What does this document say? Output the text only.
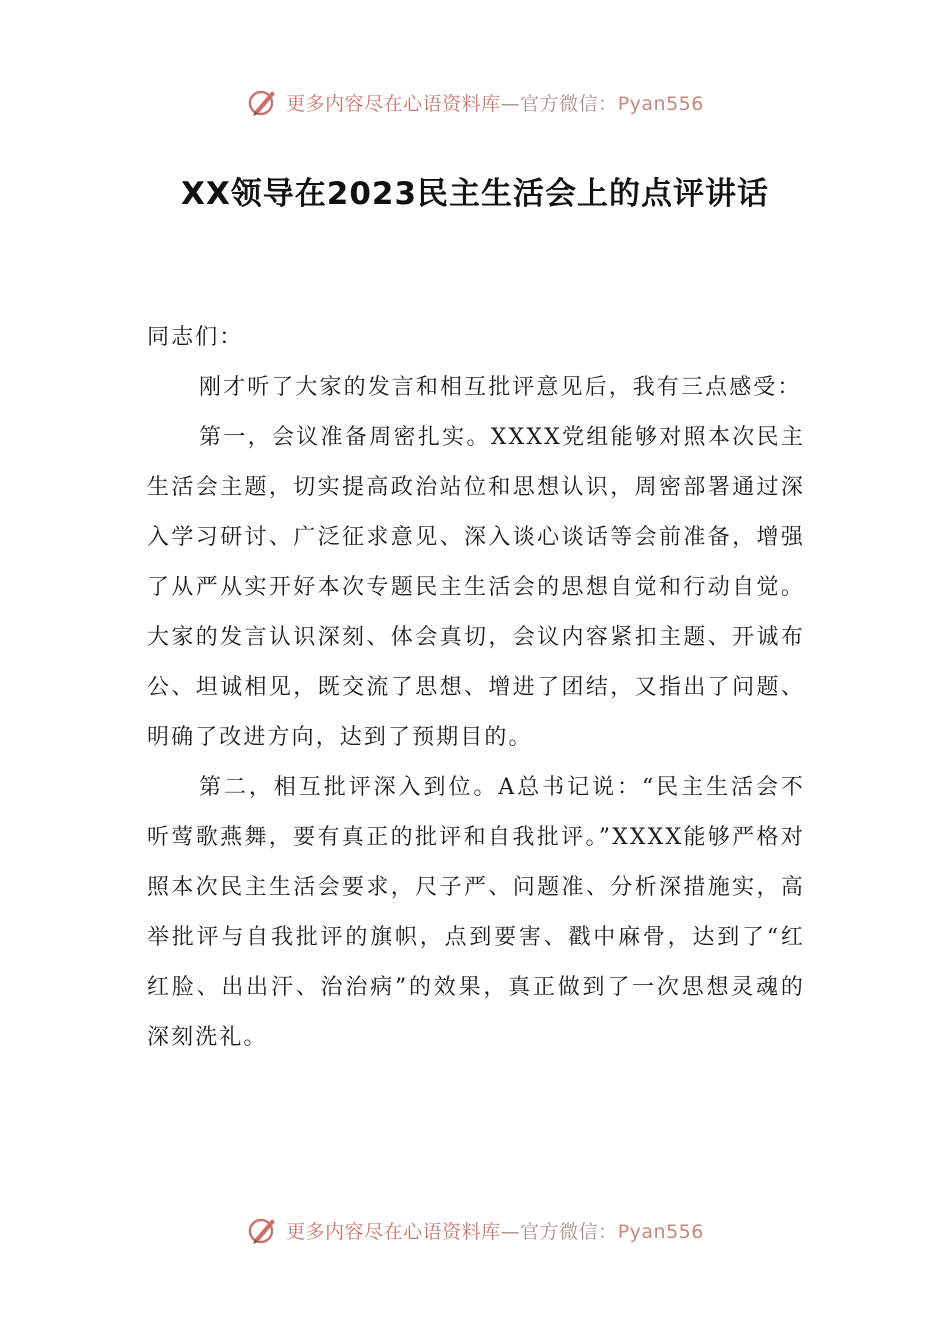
更多内容尽在心语资料库—官方微信：Pyan556
XX领导在2023民主生活会上的点评讲话

同志们：

刚才听了大家的发言和相互批评意见后，我有三点感受：

第一，会议准备周密扎实。XXXX党组能够对照本次民主生活会主题，切实提高政治站位和思想认识，周密部署通过深入学习研讨、广泛征求意见、深入谈心谈话等会前准备，增强了从严从实开好本次专题民主生活会的思想自觉和行动自觉。大家的发言认识深刻、体会真切，会议内容紧扣主题、开诚布公、坦诚相见，既交流了思想、增进了团结，又指出了问题、明确了改进方向，达到了预期目的。

第二，相互批评深入到位。A总书记说：“民主生活会不听莺歌燕舞，要有真正的批评和自我批评。”XXXX能够严格对照本次民主生活会要求，尺子严、问题准、分析深措施实，高举批评与自我批评的旗帜，点到要害、戳中麻骨，达到了“红红脸、出出汗、治治病”的效果，真正做到了一次思想灵魂的深刻洗礼。

更多内容尽在心语资料库—官方微信：Pyan556
